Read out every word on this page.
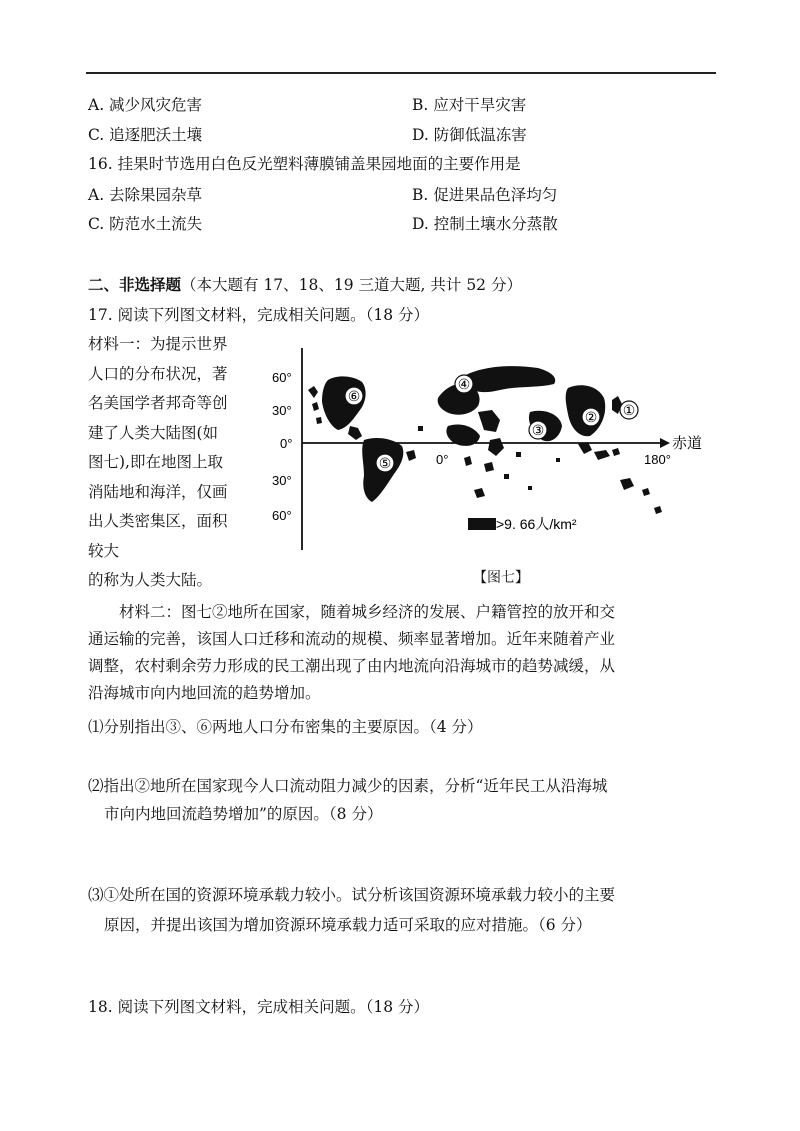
A. 减少风灾危害	B. 应对干旱灾害
C. 追逐肥沃土壤	D. 防御低温冻害
16. 挂果时节选用白色反光塑料薄膜铺盖果园地面的主要作用是
A. 去除果园杂草	B. 促进果品色泽均匀
C. 防范水土流失	D. 控制土壤水分蒸散
二、非选择题（本大题有 17、18、19 三道大题, 共计 52 分）
17. 阅读下列图文材料，完成相关问题。（18 分）
材料一：为提示世界
人口的分布状况，著
名美国学者邦奇等创
建了人类大陆图(如
图七),即在地图上取
消陆地和海洋，仅画
出人类密集区，面积
较大
的称为人类大陆。
60°
30°
0°
30°
60°
0°	180°
赤道
①
②
③
④
⑤
⑥
>9. 66人/km²
【图七】
材料二：图七②地所在国家，随着城乡经济的发展、户籍管控的放开和交
通运输的完善，该国人口迁移和流动的规模、频率显著增加。近年来随着产业
调整，农村剩余劳力形成的民工潮出现了由内地流向沿海城市的趋势减缓，从
沿海城市向内地回流的趋势增加。
⑴分别指出③、⑥两地人口分布密集的主要原因。（4 分）
⑵指出②地所在国家现今人口流动阻力减少的因素，分析“近年民工从沿海城
市向内地回流趋势增加”的原因。（8 分）
⑶①处所在国的资源环境承载力较小。试分析该国资源环境承载力较小的主要
原因，并提出该国为增加资源环境承载力适可采取的应对措施。（6 分）
18. 阅读下列图文材料，完成相关问题。（18 分）
